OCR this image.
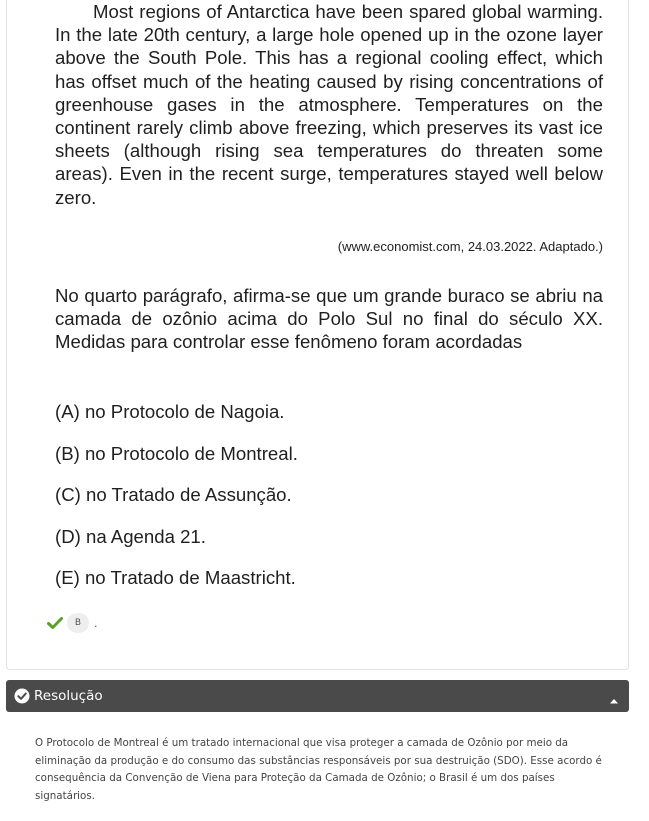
Most regions of Antarctica have been spared global warming. In the late 20th century, a large hole opened up in the ozone layer above the South Pole. This has a regional cooling effect, which has offset much of the heating caused by rising concentrations of greenhouse gases in the atmosphere. Temperatures on the continent rarely climb above freezing, which preserves its vast ice sheets (although rising sea temperatures do threaten some areas). Even in the recent surge, temperatures stayed well below zero.

(www.economist.com, 24.03.2022. Adaptado.)

No quarto parágrafo, afirma-se que um grande buraco se abriu na camada de ozônio acima do Polo Sul no final do século XX. Medidas para controlar esse fenômeno foram acordadas

(A) no Protocolo de Nagoia.
(B) no Protocolo de Montreal.
(C) no Tratado de Assunção.
(D) na Agenda 21.
(E) no Tratado de Maastricht.
B	.
Resolução

O Protocolo de Montreal é um tratado internacional que visa proteger a camada de Ozônio por meio da eliminação da produção e do consumo das substâncias responsáveis por sua destruição (SDO). Esse acordo é consequência da Convenção de Viena para Proteção da Camada de Ozônio; o Brasil é um dos países signatários.
